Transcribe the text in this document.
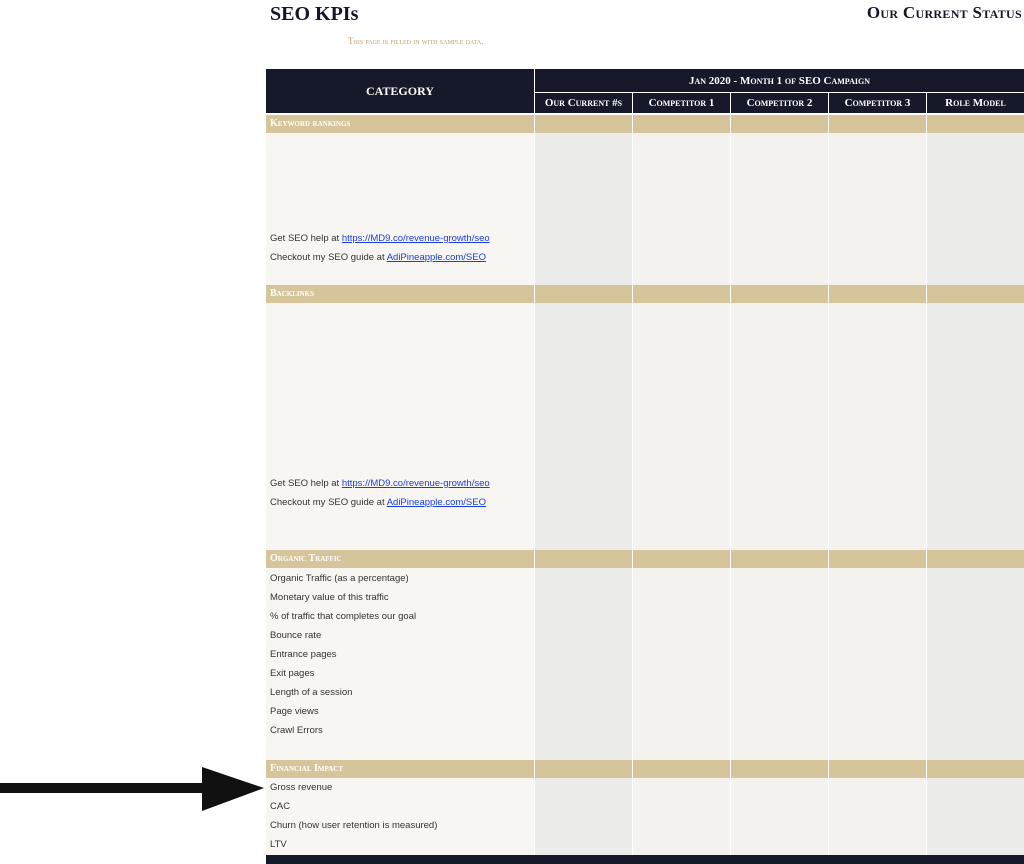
SEO KPIs	Our Current Status
This page is filled in with sample data.
CATEGORY
Jan 2020 - Month 1 of SEO Campaign
Our Current #s	Competitor 1	Competitor 2	Competitor 3	Role Model
Keyword rankings
Get SEO help at https://MD9.co/revenue-growth/seo
Checkout my SEO guide at AdiPineapple.com/SEO
Backlinks
Get SEO help at https://MD9.co/revenue-growth/seo
Checkout my SEO guide at AdiPineapple.com/SEO
Organic Traffic
Organic Traffic (as a percentage)
Monetary value of this traffic
% of traffic that completes our goal
Bounce rate
Entrance pages
Exit pages
Length of a session
Page views
Crawl Errors
Financial Impact
Gross revenue
CAC
Churn (how user retention is measured)
LTV
